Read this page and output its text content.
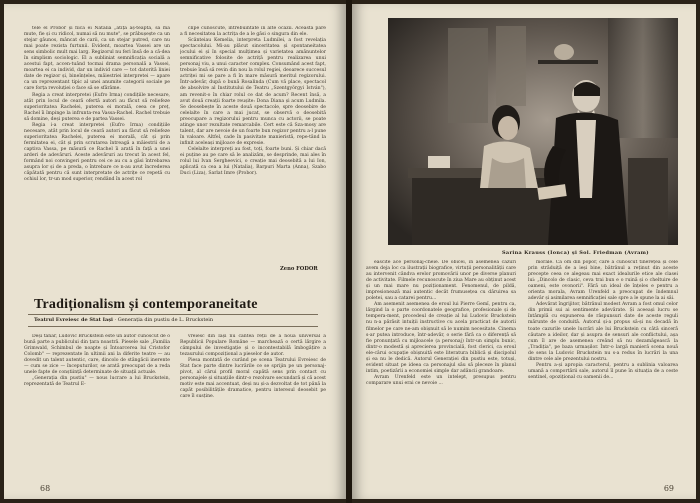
tele el Probor și fiica ei Natalia „atița aș-teaptă, să mă mute, fie și cu ridicol, numai să nu mute", se prăbușește ca un stejar gâunos, mâncat de carii, ca un stejar putred, care nu mai poate rezista furtunii. Evident, moartea Vassei are un sens simbolic mult mai larg. Regizorul nu feri însă de a că-dea în simplism sociologic. El a subliniat semnificația socială a acestui fapt, accen-tuând tocmai drama personală a Vassei, moartea ei ca individ, dar un individ care — tot datorită liniei date de regizor și, bineînțeles, măiestriei interpretei — apare ca un reprezentant tipic al unei anumite categorii sociale pe care forța revoluției o face să se sfărâme.

Regia a creat interpretei (Eufro Irma) condițiile necesare, atât prin locul de ceară ofertă autori au făcut să reliefeze superioritatea Rachelei, puterea ei morală, ceea ce preț, Rachel îi împinge la infrunta-rea Vassa-Rachel. Rachel trebuie să domine, deși puterea e de partea Vassei.

Regia i-a creat interpretei (Eufro Irma) condițiile necesare, atât prin locul de ceară autori au făcut să reliefeze superioritatea Rachelei, puterea ei morală, cât și prin fermitatea ei, cât și prin scrutarea întreagă a măiestrii de a captiva Vassa, pe măsură ce Rachel îi arată în față a unei arderi de adevăruri. Aceste adevăruri au trecut în acest fel, formând noi convingeri pentru cei ce au cu a găsi întrebarea asupra lor și de a preda, o întrebare ce n-au avut încrederea căpătată pentru că sunt interpretate de actrițe ce repetă cu ochiul lor, tr-un mod superior, rendând în acest rol

clipe cunoscute, intrebuintate în alte ocazii. Aceasta pare a fi necesitatea la actrița de a le găsi o singura din ele.

Scânteiau Kemelia, interpreta Ludmilei, a fost revelația spectacolului. Mi-au plăcut sinceritatea și spontaneitatea jocului ei și în special mulțimea și varietatea amănuntelor semnificative folosite de actriță pentru realizarea unui personaj viu, a unui caracter complex. Consumând acest fapt, trebuie însă să revin din nou la rolul regiei, deoarece succesul actriței mi se pare a fi în mare măsură meritul regizorului. Într-adevăr, după o bună Rosalinda (Cum vă place, spectacol de absolvire al Institutului de Teatru „Szentgyörgyi István"), am revenit-o în chiar rolul ce dat de acum? Recent însă, a avut două creații foarte reușite: Dona Diana și acum Ludmila. Se deosebește în aceste două spectacole, spre deosebire de celelalte în care a mai jucat, se observă o deosebită preocupare a regizorului pentru munca cu actorii, se poate atinge unor rezultate remarcabile. Cert este că Sza-mosy are talent, dar are nevoie de un foarte bun regizor pentru a-l pune în valoare. Altfel, cade în pasivitate manieristă, repe-tând la infinit aceleași mijloace de expresie.

Celelalte interpreți au fost, toți, foarte buni. Și chiar dacă ei puține au pe care să le analizăm, se desprinde, mai ales în rolul lui Ivan Sergheevici, o creație mai deosebită a lui Ion, aplicată ca cea a lui (Natalia), Barpuri Marta (Anna), Szabo Duci (Liza), Sarlat Imre (Probor).

Zeno FODOR
Tradiționalism și contemporaneitate
Teatrul Evreiesc de Stat Iași · Generația din pustiu de L. Bruckstein

Deși tânăr, Ludovic Bruckstein este un autor cunoscut de o bună parte a publicului din țara noastră. Piesele sale „Familia Grimwald, Schimbul de noapte și Întoarcerea lui Cristofor Colomb" — reprezentate în ultimii ani la diferite teatre — au dovedit un talent autentic, care, dincolo de stângăcii inerente — cum se zice — începuturilor, se arată preocupat de a reda unele fapte de conștiință determinate de situații actuale.

„Generația din pustiu" — nous lucrare a lui Bruckstein, reprezentată de Teatrul E-

vreiesc din Iași nu cântea reții de a nouă universal a Republicii Populare Române — marchează o certă lărgire a câmpului de investigație și o incontestabilă îmbogățire a tezaurului compozițional a pieselor de autor.

Piesa montată de curând pe scena Teatrului Evreiesc de Stat face parte dintre lucrările ce se sprijin pe un personaj-pivot, al cărui profil moral capătă sens prin contact cu personajele și situațiile dintr-o rezolvare secundară și că acest motiv este mai accentuat, deși nu și-a dezvoltat de tot până la capăt posibilitățile dramatice, pentru interesul deosebit pe care îl susține.

68
Sarina Krauss (Ionca) și Sol. Friedman (Avram)

eascite ace personaj-cheie. De obicei, în asemenea cazuri avem deja loc ca ilustrații biografice, virtuții personalității care au intervenit cândva erelor promovării unor pe diverse planuri de activitate. Filmele recunoscute în ziua Mare au obținut acest și un mai mare nu poziționament. Fenomenul, de pildă, impresionează mai autentic decât frumusețea cu dăruirea sa poletei, sau a catarei pentru...

Am asemenit asemenea de eroul lui Pierre Gemî, pentru ca, lărgind la o parte coordonatele geografice, profesionale și de tempera-ment, procedeul de creație al lui Ludovic Bruckstein nu n-a părăsit intuiții instructive cu acela practicat de autorii filmelor pe care ne-am obișnuit să le numim necesitate. Cinema s-ar putea introduce, într-adevăr, o serie fără ca o diferență să fie pronunțată cu mijloacele (a personaj) într-un simplu bunic, dintr-o modestă și aprecierea provincială, fost clerici, ca eroul ele-cărui ocupație obișnuită este literatura biblică și discipolul și ea nu le dedică. Autorul Generației din pustiu este, totuși, evident situat pe ideea ca personajul său să pleceze în planul intim, poetizării a economiei simple dar adâncii grandoare.

Avram Urenfeld este un intelept, presupus pentru comparare unui erai ce nevoie ...

morale. Ca om din popor, care a cunoscut tinerețea și cele prin străduiță de a ieși bine, bătrânul a reținut din aceste precepte ceea ce alegeau mai exact idealurile etice ale clasei lui: „Dincolo de clasic, ceva trai bun e o ruină și o cheltuire de oameni, este ovonorii". Fără un ideal de înțeles e pentru a orienta morala, Avram Urenfeld a preocupat de îndemnul adevăr și asimilarea semnificației sale spre a le spune la ai săi.

Adevărat îngrijitor, bătrânul modest Avram a fost omul celor din primii sui ai sentimente adevărate. Și aceeași lucru se întâmplă cu expunerea de răspunsuri date de aceste reguli mărunte de conduită. Autorul și-a propus să-și nu decadă în toate cazurile unele lucrări ale lui Bruckstein cu câtă sinceră căutare a ideilor, dar și asupra de sensuri ale conflictului, așa cum îl are de asemenea creând să nu dezamăgească la „Tradiția", pe baza urmașilor. Într-o largă manieră scena nouă de sens la Ludovic Bruckstein nu s-a redus în lucrări la una dintre cele ale prezentului nostru.

Pentru a-și apropia caracterul, pentru a sublinia valoarea umană a comportării sale, autorul îl pune în situația de a ceste sentinel, opozițional cu oamenii de...

69
